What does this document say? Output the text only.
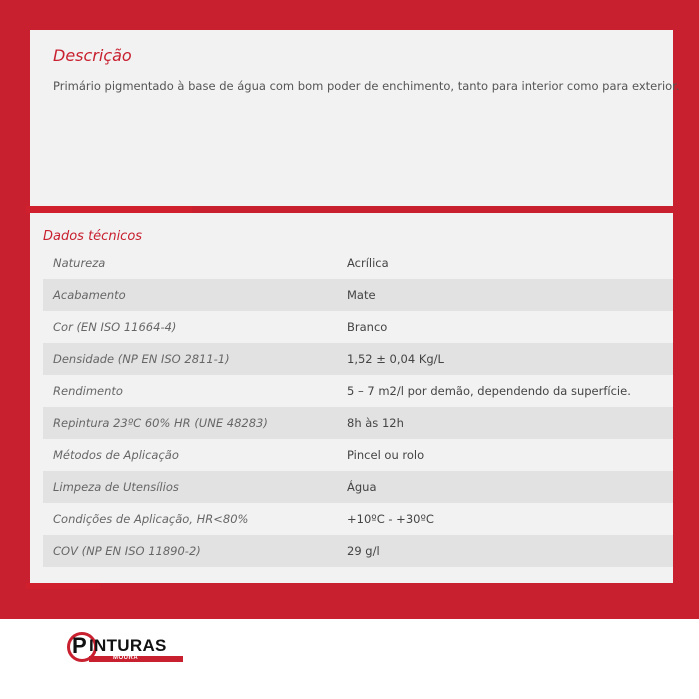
Descrição
Primário pigmentado à base de água com bom poder de enchimento, tanto para interior como para exterior.
Dados técnicos
Natureza	Acrílica
Acabamento	Mate
Cor (EN ISO 11664-4)	Branco
Densidade (NP EN ISO 2811-1)	1,52 ± 0,04 Kg/L
Rendimento	5 – 7 m2/l por demão, dependendo da superfície.
Repintura 23ºC 60% HR (UNE 48283)	8h às 12h
Métodos de Aplicação	Pincel ou rolo
Limpeza de Utensílios	Água
Condições de Aplicação, HR<80%	+10ºC - +30ºC
COV (NP EN ISO 11890-2)	29 g/l
P INTURAS
MOURA
